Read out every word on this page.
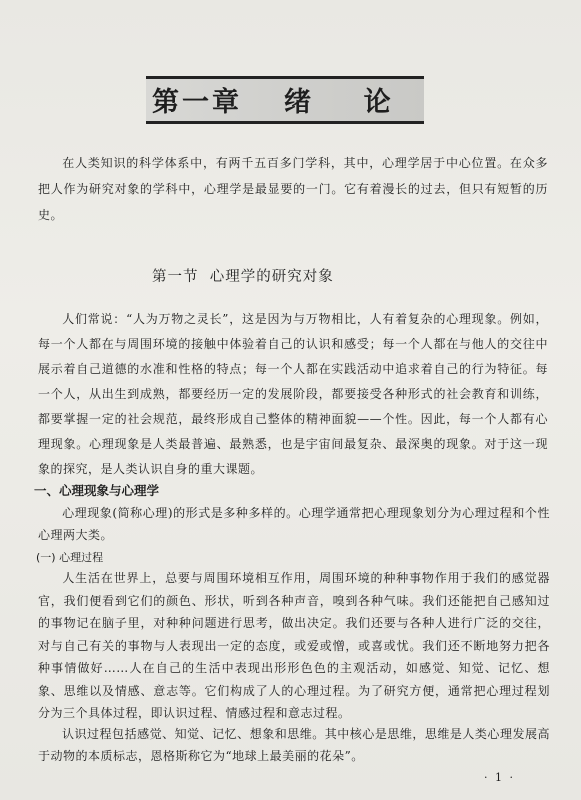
第一章 绪    论
在人类知识的科学体系中，有两千五百多门学科，其中，心理学居于中心位置。在众多把人作为研究对象的学科中，心理学是最显要的一门。它有着漫长的过去，但只有短暂的历史。
第一节  心理学的研究对象
人们常说：“人为万物之灵长”，这是因为与万物相比，人有着复杂的心理现象。例如，每一个人都在与周围环境的接触中体验着自己的认识和感受；每一个人都在与他人的交往中展示着自己道德的水准和性格的特点；每一个人都在实践活动中追求着自己的行为特征。每一个人，从出生到成熟，都要经历一定的发展阶段，都要接受各种形式的社会教育和训练，都要掌握一定的社会规范，最终形成自己整体的精神面貌——个性。因此，每一个人都有心理现象。心理现象是人类最普遍、最熟悉，也是宇宙间最复杂、最深奥的现象。对于这一现象的探究，是人类认识自身的重大课题。
一、心理现象与心理学
心理现象(简称心理)的形式是多种多样的。心理学通常把心理现象划分为心理过程和个性心理两大类。
(一) 心理过程
人生活在世界上，总要与周围环境相互作用，周围环境的种种事物作用于我们的感觉器官，我们便看到它们的颜色、形状，听到各种声音，嗅到各种气味。我们还能把自己感知过的事物记在脑子里，对种种问题进行思考，做出决定。我们还要与各种人进行广泛的交往，对与自己有关的事物与人表现出一定的态度，或爱或憎，或喜或忧。我们还不断地努力把各种事情做好……人在自己的生活中表现出形形色色的主观活动，如感觉、知觉、记忆、想象、思维以及情感、意志等。它们构成了人的心理过程。为了研究方便，通常把心理过程划分为三个具体过程，即认识过程、情感过程和意志过程。
认识过程包括感觉、知觉、记忆、想象和思维。其中核心是思维，思维是人类心理发展高于动物的本质标志，恩格斯称它为“地球上最美丽的花朵”。
· 1 ·
